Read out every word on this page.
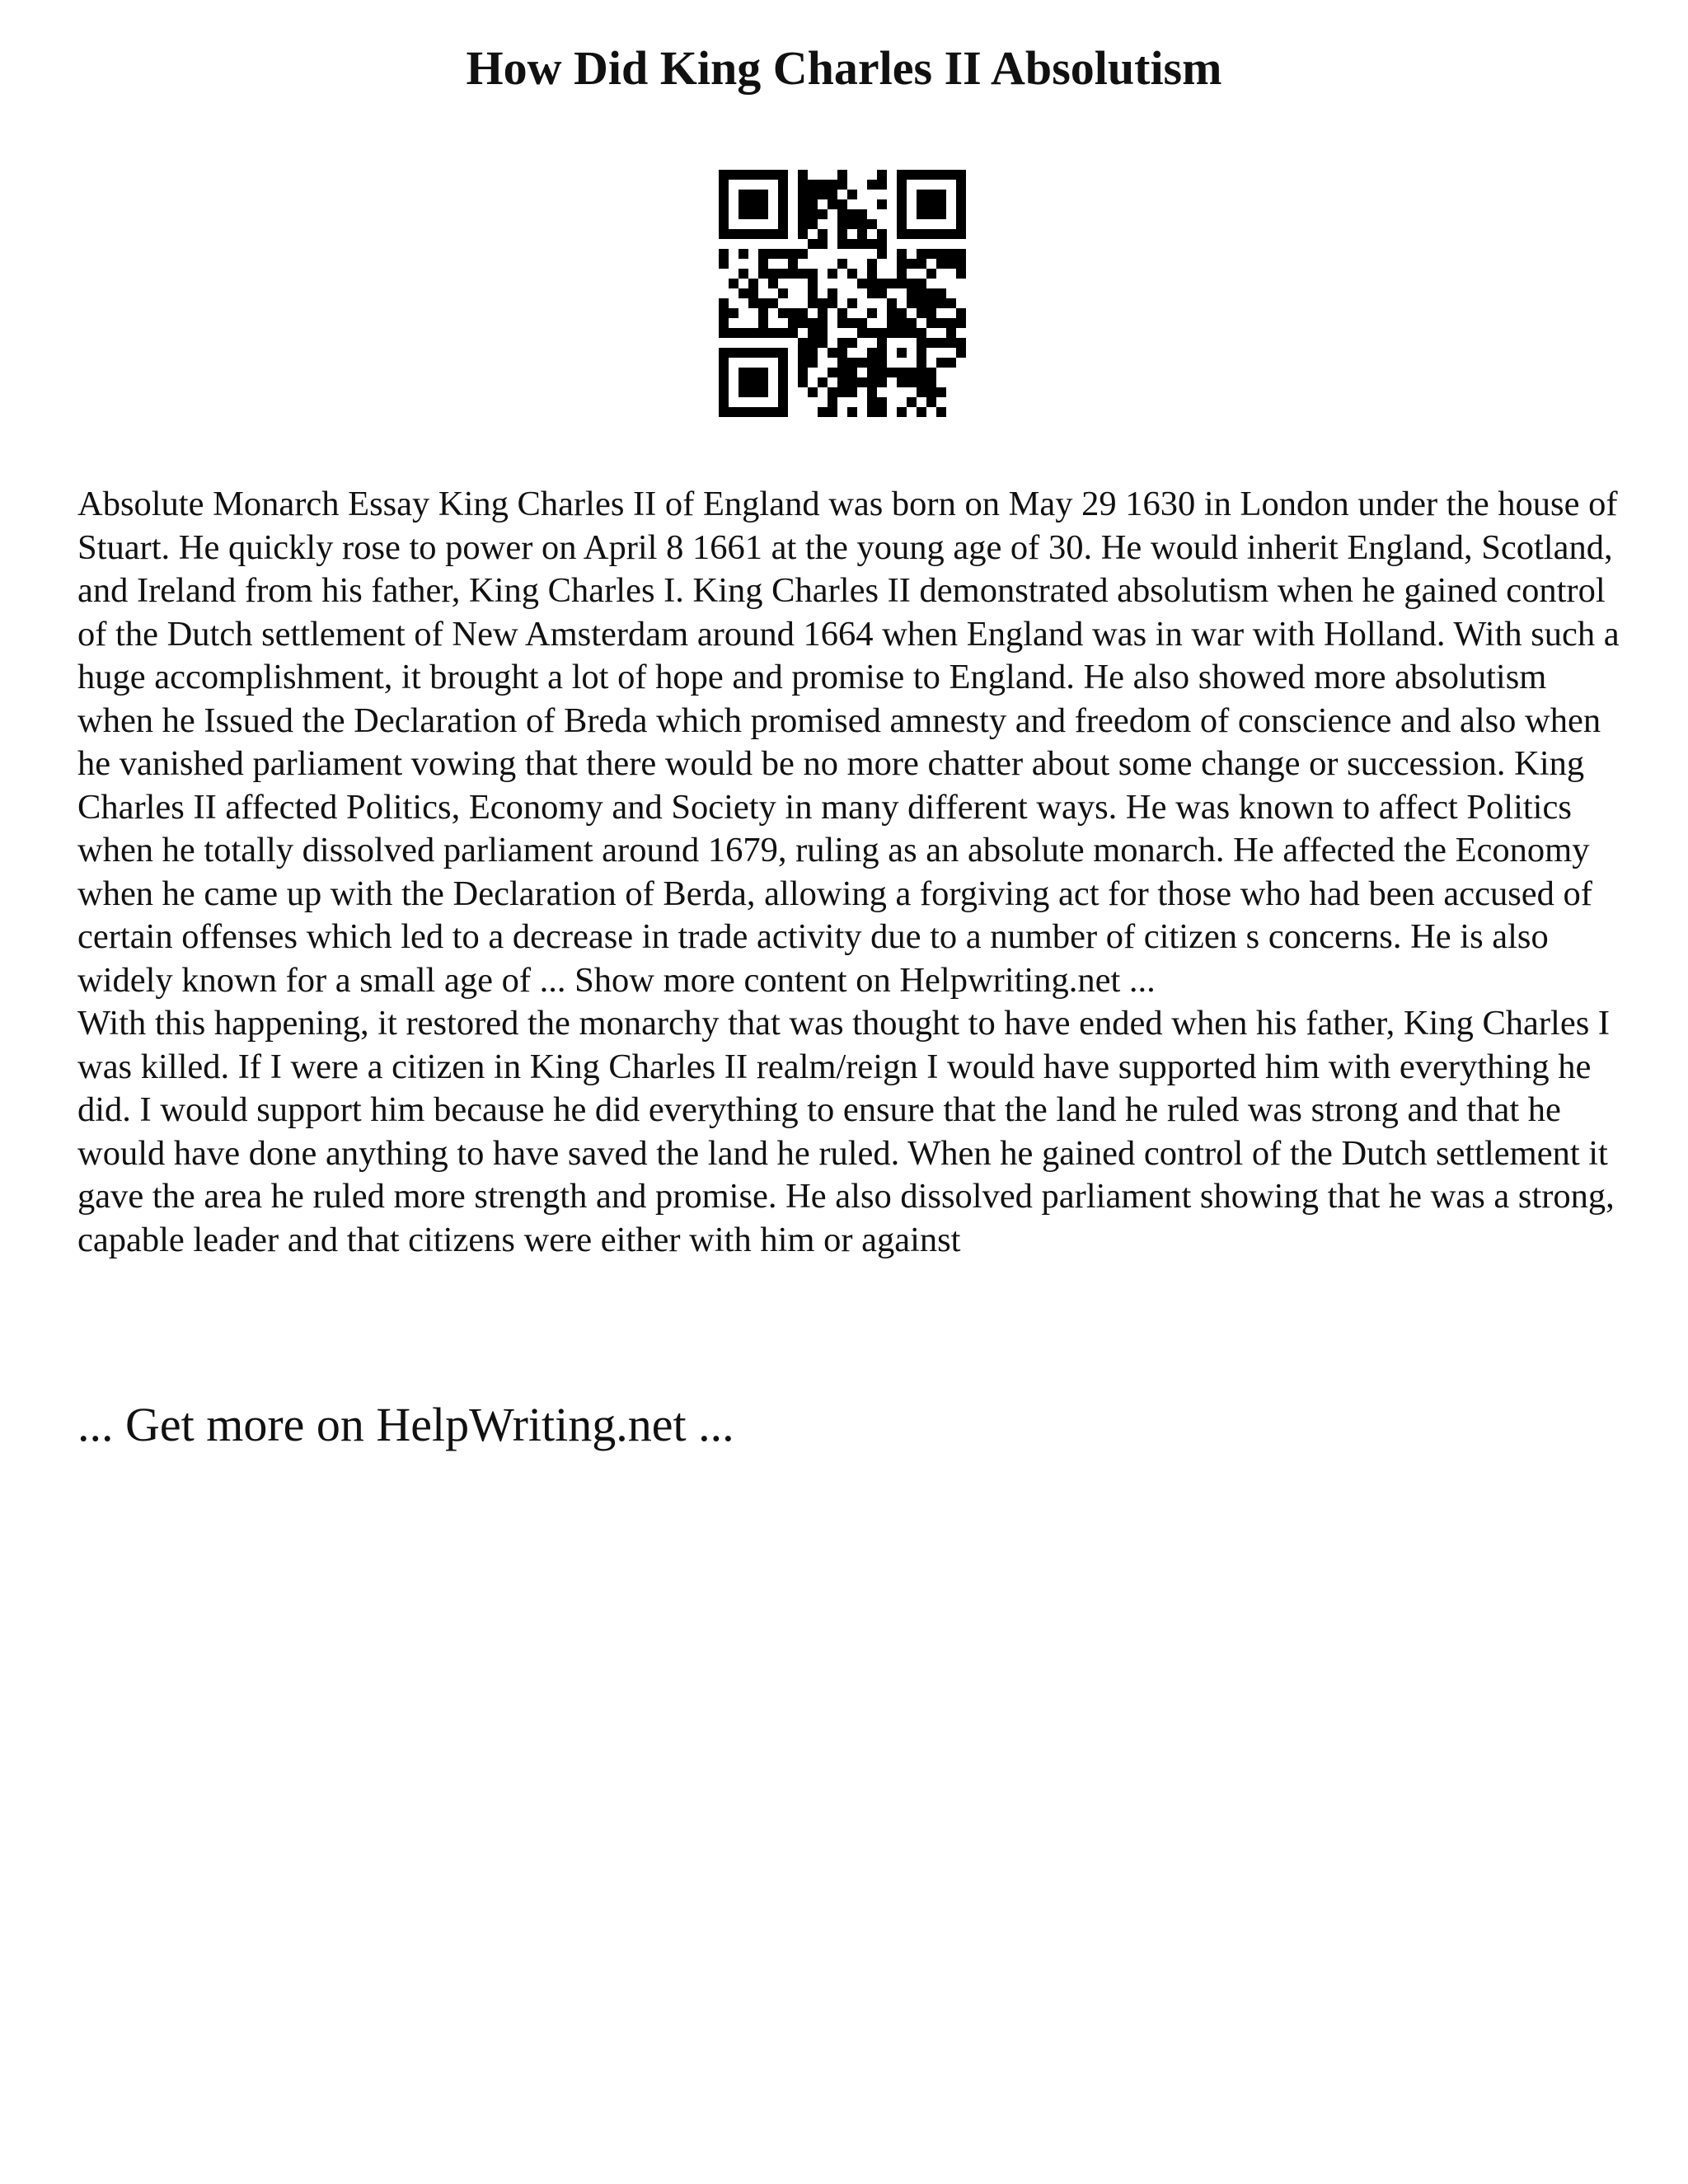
How Did King Charles II Absolutism

Absolute Monarch Essay King Charles II of England was born on May 29 1630 in London under the house of Stuart. He quickly rose to power on April 8 1661 at the young age of 30. He would inherit England, Scotland, and Ireland from his father, King Charles I. King Charles II demonstrated absolutism when he gained control of the Dutch settlement of New Amsterdam around 1664 when England was in war with Holland. With such a huge accomplishment, it brought a lot of hope and promise to England. He also showed more absolutism when he Issued the Declaration of Breda which promised amnesty and freedom of conscience and also when he vanished parliament vowing that there would be no more chatter about some change or succession. King Charles II affected Politics, Economy and Society in many different ways. He was known to affect Politics when he totally dissolved parliament around 1679, ruling as an absolute monarch. He affected the Economy when he came up with the Declaration of Berda, allowing a forgiving act for those who had been accused of certain offenses which led to a decrease in trade activity due to a number of citizen s concerns. He is also widely known for a small age of ... Show more content on Helpwriting.net ...

With this happening, it restored the monarchy that was thought to have ended when his father, King Charles I was killed. If I were a citizen in King Charles II realm/reign I would have supported him with everything he did. I would support him because he did everything to ensure that the land he ruled was strong and that he would have done anything to have saved the land he ruled. When he gained control of the Dutch settlement it gave the area he ruled more strength and promise. He also dissolved parliament showing that he was a strong, capable leader and that citizens were either with him or against

... Get more on HelpWriting.net ...
